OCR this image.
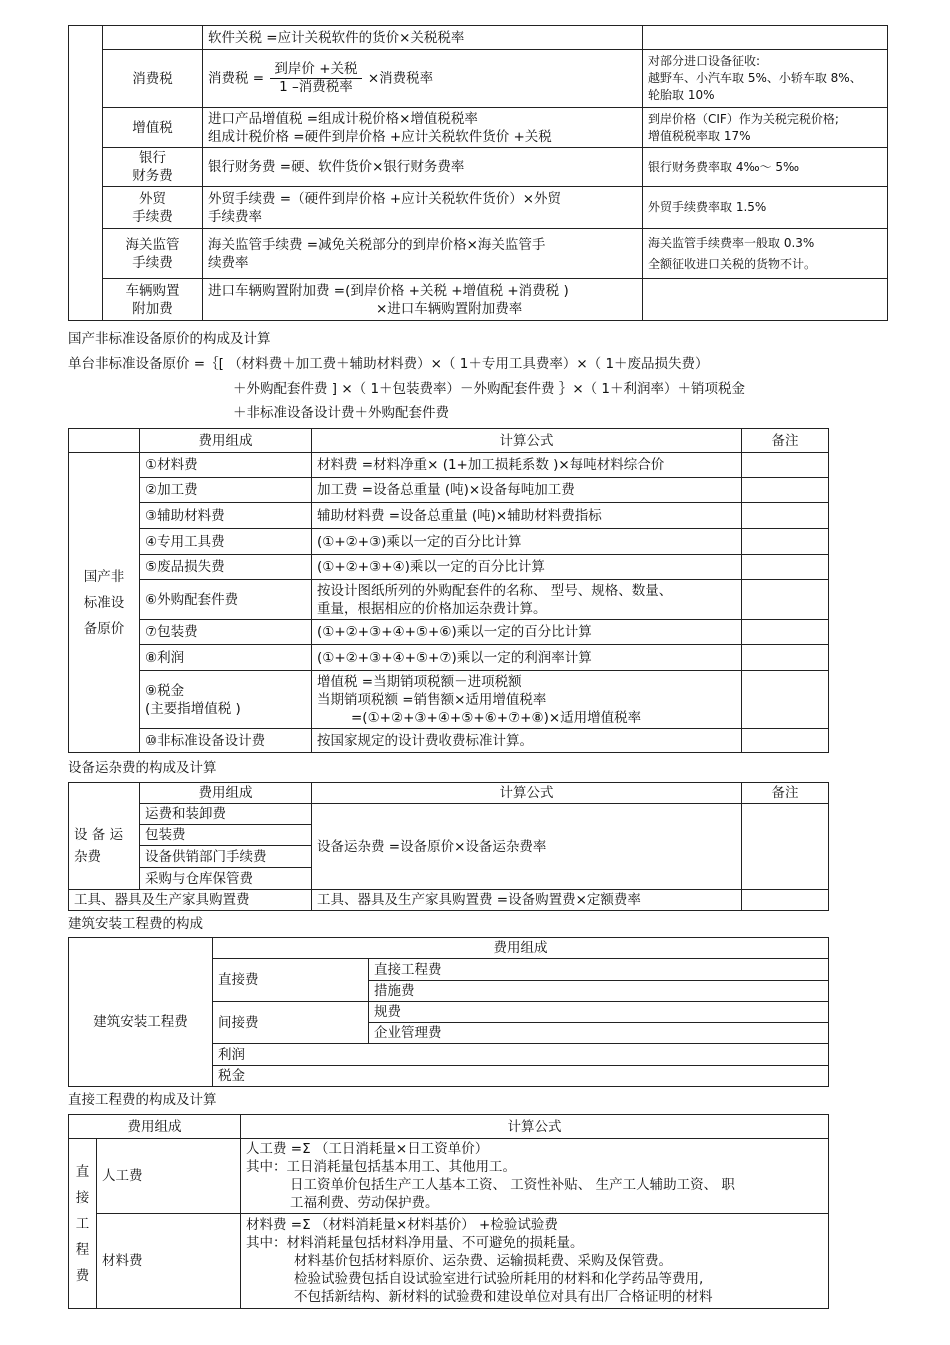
		软件关税 =应计关税软件的货价×关税税率	
	消费税	消费税 = $\frac{\text{到岸价 +关税}}{\text{1 –消费税率}}$ ×消费税率	对部分进口设备征收:
越野车、小汽车取 5%、小轿车取 8%、
轮胎取 10%

	增值税	进口产品增值税 =组成计税价格×增值税税率
组成计税价格 =硬件到岸价格 +应计关税软件货价 +关税	到岸价格（CIF）作为关税完税价格;
增值税税率取 17%

	银行
财务费	银行财务费 =硬、软件货价×银行财务费率	银行财务费率取 4‰～ 5‰

	外贸
手续费	外贸手续费 =（硬件到岸价格 +应计关税软件货价）×外贸
手续费率	外贸手续费率取 1.5%

	海关监管
手续费	海关监管手续费 =减免关税部分的到岸价格×海关监管手
续费率	海关监管手续费率一般取 0.3%
全额征收进口关税的货物不计。

	车辆购置
附加费	进口车辆购置附加费 =(到岸价格 +关税 +增值税 +消费税 )
×进口车辆购置附加费率	

国产非标准设备原价的构成及计算
单台非标准设备原价 =｛[ （材料费＋加工费＋辅助材料费）×（ 1＋专用工具费率）×（ 1＋废品损失费）
＋外购配套件费 ] ×（ 1＋包装费率）－外购配套件费 ｝×（ 1＋利润率）＋销项税金
＋非标准设备设计费＋外购配套件费
	费用组成	计算公式	备注

国产非
标准设
备原价	①材料费	材料费 =材料净重× (1+加工损耗系数 )×每吨材料综合价	
	②加工费	加工费 =设备总重量 (吨)×设备每吨加工费	
	③辅助材料费	辅助材料费 =设备总重量 (吨)×辅助材料费指标	
	④专用工具费	(①+②+③)乘以一定的百分比计算	
	⑤废品损失费	(①+②+③+④)乘以一定的百分比计算	
	⑥外购配套件费	按设计图纸所列的外购配套件的名称、 型号、规格、数量、
重量，根据相应的价格加运杂费计算。	

	⑦包装费	(①+②+③+④+⑤+⑥)乘以一定的百分比计算	
	⑧利润	(①+②+③+④+⑤+⑦)乘以一定的利润率计算	

	⑨税金
(主要指增值税 )	增值税 =当期销项税额－进项税额
当期销项税额 =销售额×适用增值税率
=(①+②+③+④+⑤+⑥+⑦+⑧)×适用增值税率	

	⑩非标准设备设计费	按国家规定的设计费收费标准计算。	
设备运杂费的构成及计算
	费用组成	计算公式	备注

设 备 运
杂费	运费和装卸费	设备运杂费 =设备原价×设备运杂费率	
	包装费		
	设备供销部门手续费		
	采购与仓库保管费		
工具、器具及生产家具购置费		工具、器具及生产家具购置费 =设备购置费×定额费率	
建筑安装工程费的构成
	费用组成	
建筑安装工程费	直接费	直接工程费
		措施费
	间接费	规费
		企业管理费
	利润	
	税金	
直接工程费的构成及计算
费用组成		计算公式

直
接
工
程
费	人工费	人工费 =Σ （工日消耗量×日工资单价）
其中：工日消耗量包括基本用工、其他用工。
日工资单价包括生产工人基本工资、 工资性补贴、 生产工人辅助工资、 职
工福利费、劳动保护费。

	材料费	材料费 =Σ （材料消耗量×材料基价） +检验试验费
其中：材料消耗量包括材料净用量、不可避免的损耗量。
材料基价包括材料原价、运杂费、运输损耗费、采购及保管费。
检验试验费包括自设试验室进行试验所耗用的材料和化学药品等费用,
不包括新结构、新材料的试验费和建设单位对具有出厂合格证明的材料
